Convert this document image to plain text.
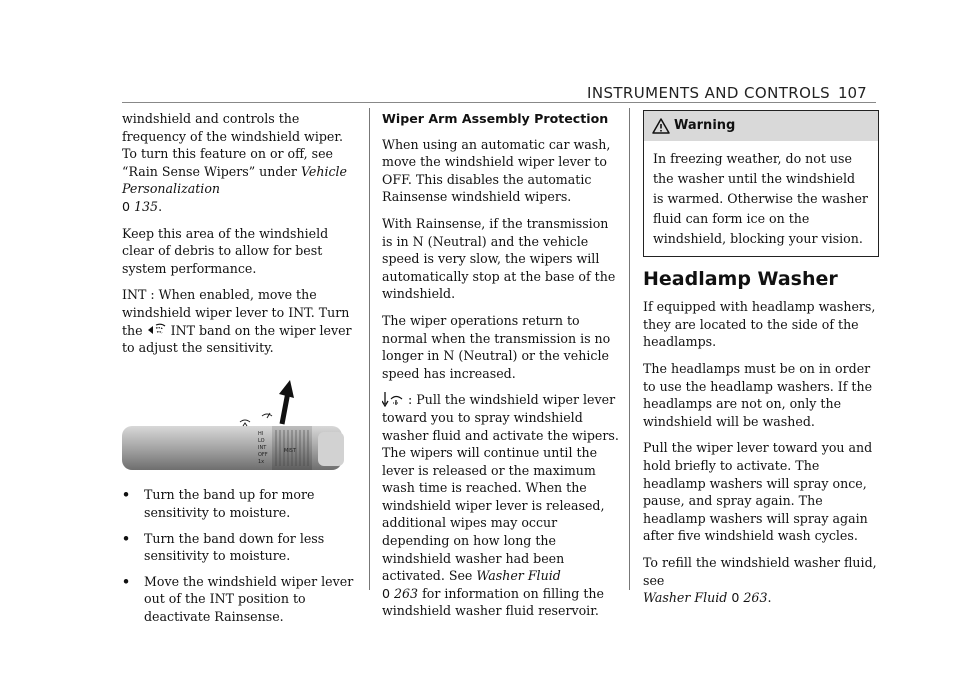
INSTRUMENTS AND CONTROLS 107

windshield and controls the frequency of the windshield wiper. To turn this feature on or off, see “Rain Sense Wipers” under Vehicle Personalization
0 135.

Keep this area of the windshield clear of debris to allow for best system performance.

INT : When enabled, move the windshield wiper lever to INT. Turn the INT band on the wiper lever to adjust the sensitivity.

HI
LO
INT
OFF
1x
MIST
•	Turn the band up for more sensitivity to moisture.
•	Turn the band down for less sensitivity to moisture.
•	Move the windshield wiper lever out of the INT position to deactivate Rainsense.
Wiper Arm Assembly Protection

When using an automatic car wash, move the windshield wiper lever to OFF. This disables the automatic Rainsense windshield wipers.

With Rainsense, if the transmission is in N (Neutral) and the vehicle speed is very slow, the wipers will automatically stop at the base of the windshield.

The wiper operations return to normal when the transmission is no longer in N (Neutral) or the vehicle speed has increased.

: Pull the windshield wiper lever toward you to spray windshield washer fluid and activate the wipers. The wipers will continue until the lever is released or the maximum wash time is reached. When the windshield wiper lever is released, additional wipes may occur depending on how long the windshield washer had been activated. See Washer Fluid
0 263 for information on filling the windshield washer fluid reservoir.

Warning
In freezing weather, do not use the washer until the windshield is warmed. Otherwise the washer fluid can form ice on the windshield, blocking your vision.
Headlamp Washer

If equipped with headlamp washers, they are located to the side of the headlamps.

The headlamps must be on in order to use the headlamp washers. If the headlamps are not on, only the windshield will be washed.

Pull the wiper lever toward you and hold briefly to activate. The headlamp washers will spray once, pause, and spray again. The headlamp washers will spray again after five windshield wash cycles.

To refill the windshield washer fluid, see
Washer Fluid 0 263.
